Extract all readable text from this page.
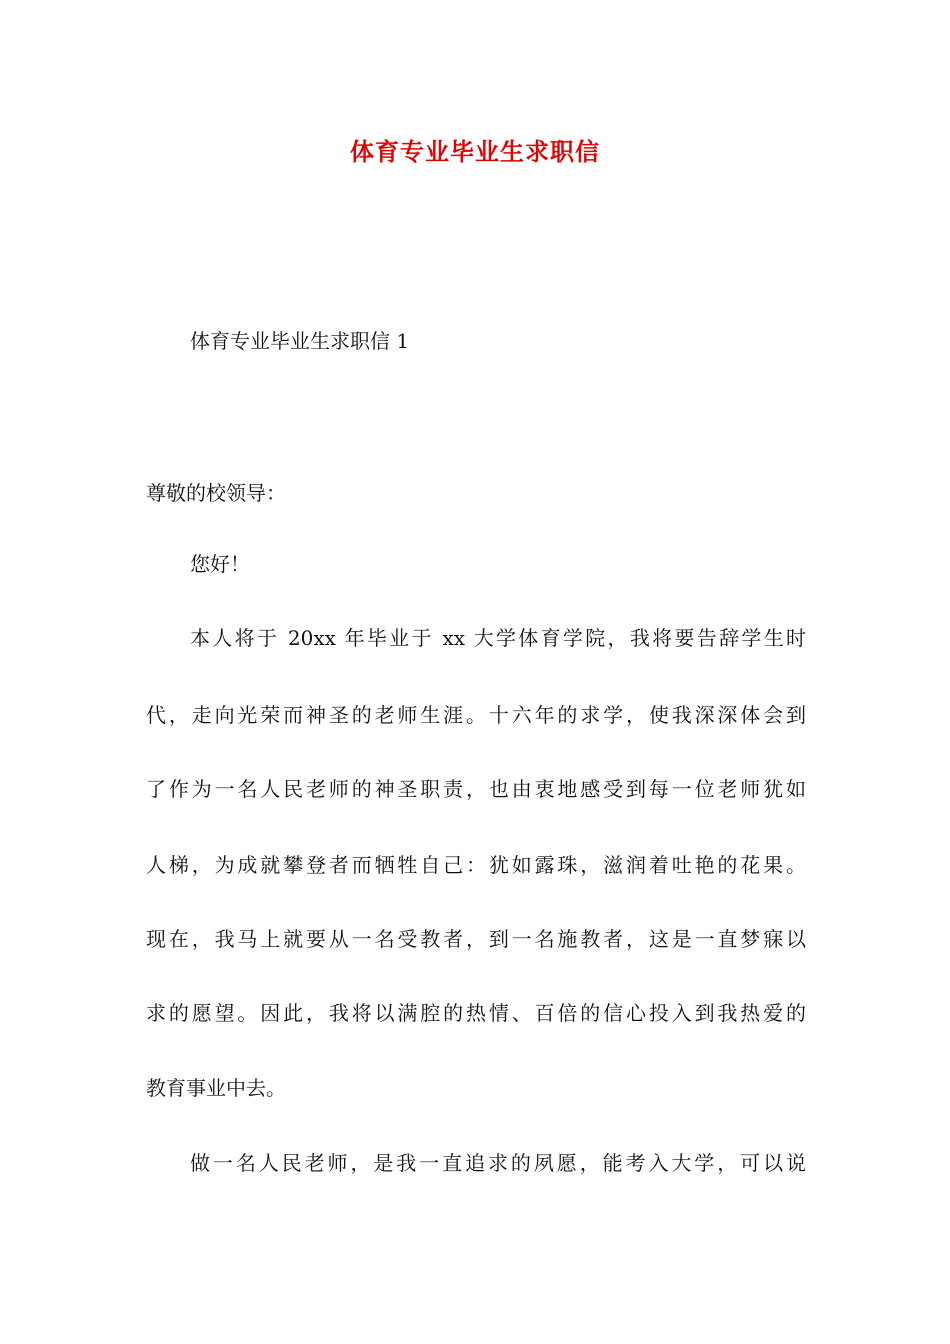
体育专业毕业生求职信
体育专业毕业生求职信 1
尊敬的校领导：
您好！
本人将于 20xx 年毕业于 xx 大学体育学院，我将要告辞学生时
代，走向光荣而神圣的老师生涯。十六年的求学，使我深深体会到
了作为一名人民老师的神圣职责，也由衷地感受到每一位老师犹如
人梯，为成就攀登者而牺牲自己：犹如露珠，滋润着吐艳的花果。
现在，我马上就要从一名受教者，到一名施教者，这是一直梦寐以
求的愿望。因此，我将以满腔的热情、百倍的信心投入到我热爱的
教育事业中去。
做一名人民老师，是我一直追求的夙愿，能考入大学，可以说
